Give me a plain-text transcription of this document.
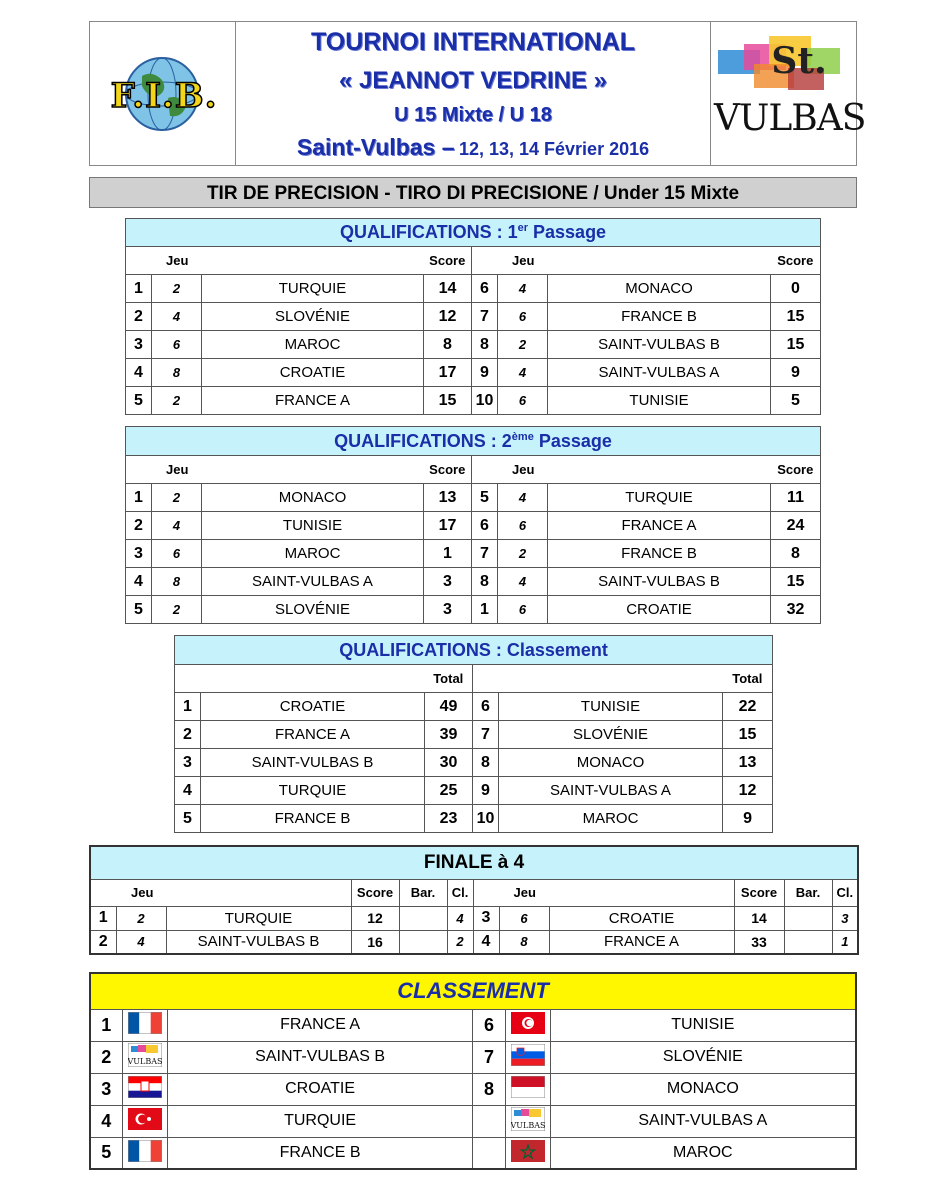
F.I.B.
TOURNOI INTERNATIONAL
« JEANNOT VEDRINE »
U 15 Mixte / U 18
Saint-Vulbas – 12, 13, 14 Février 2016
St.
VULBAS
TIR DE PRECISION - TIRO DI PRECISIONE / Under 15 Mixte
QUALIFICATIONS : 1er Passage							
Jeu			Score	Jeu			Score
1	2	TURQUIE	14	6	4	MONACO	0
2	4	SLOVÉNIE	12	7	6	FRANCE B	15
3	6	MAROC	8	8	2	SAINT-VULBAS B	15
4	8	CROATIE	17	9	4	SAINT-VULBAS A	9
5	2	FRANCE A	15	10	6	TUNISIE	5
QUALIFICATIONS : 2ème Passage							
Jeu			Score	Jeu			Score
1	2	MONACO	13	5	4	TURQUIE	11
2	4	TUNISIE	17	6	6	FRANCE A	24
3	6	MAROC	1	7	2	FRANCE B	8
4	8	SAINT-VULBAS A	3	8	4	SAINT-VULBAS B	15
5	2	SLOVÉNIE	3	1	6	CROATIE	32
QUALIFICATIONS : Classement					
		Total			Total
1	CROATIE	49	6	TUNISIE	22
2	FRANCE A	39	7	SLOVÉNIE	15
3	SAINT-VULBAS B	30	8	MONACO	13
4	TURQUIE	25	9	SAINT-VULBAS A	12
5	FRANCE B	23	10	MAROC	9
FINALE à 4											
Jeu			Score	Bar.	Cl.	Jeu			Score	Bar.	Cl.
1	2	TURQUIE	12		4	3	6	CROATIE	14		3
2	4	SAINT-VULBAS B	16		2	4	8	FRANCE A	33		1
CLASSEMENT					
1		FRANCE A	6		TUNISIE
2	VULBAS	SAINT-VULBAS B	7		SLOVÉNIE
3		CROATIE	8		MONACO
4		TURQUIE		VULBAS	SAINT-VULBAS A
5		FRANCE B			MAROC
